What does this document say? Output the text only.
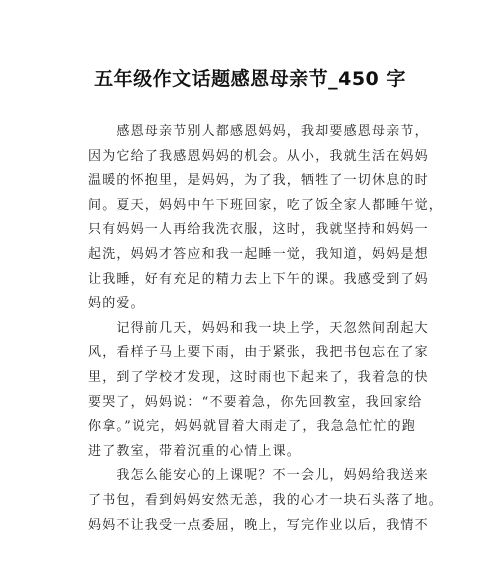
五年级作文话题感恩母亲节_450 字
　　感恩母亲节别人都感恩妈妈，我却要感恩母亲节，
因为它给了我感恩妈妈的机会。从小，我就生活在妈妈
温暖的怀抱里，是妈妈，为了我，牺牲了一切休息的时
间。夏天，妈妈中午下班回家，吃了饭全家人都睡午觉，
只有妈妈一人再给我洗衣服，这时，我就坚持和妈妈一
起洗，妈妈才答应和我一起睡一觉，我知道，妈妈是想
让我睡，好有充足的精力去上下午的课。我感受到了妈
妈的爱。
　　记得前几天，妈妈和我一块上学，天忽然间刮起大
风，看样子马上要下雨，由于紧张，我把书包忘在了家
里，到了学校才发现，这时雨也下起来了，我着急的快
要哭了，妈妈说：“不要着急，你先回教室，我回家给
你拿。”说完，妈妈就冒着大雨走了，我急急忙忙的跑
进了教室，带着沉重的心情上课。
　　我怎么能安心的上课呢？不一会儿，妈妈给我送来
了书包，看到妈妈安然无恙，我的心才一块石头落了地。
妈妈不让我受一点委屈，晚上，写完作业以后，我情不
